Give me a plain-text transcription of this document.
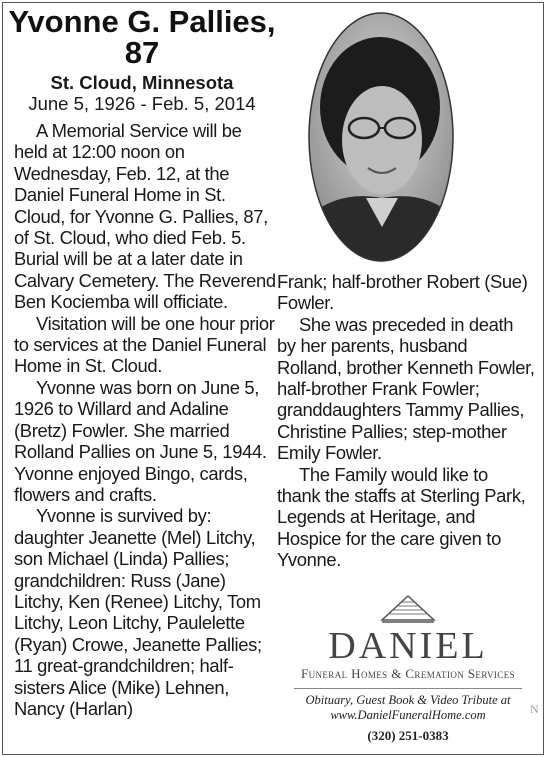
Yvonne G. Pallies,
87
St. Cloud, Minnesota
June 5, 1926 - Feb. 5, 2014

A Memorial Service will be held at 12:00 noon on Wednesday, Feb. 12, at the Daniel Funeral Home in St. Cloud, for Yvonne G. Pallies, 87, of St. Cloud, who died Feb. 5. Burial will be at a later date in Calvary Cemetery. The Reverend Ben Kociemba will officiate.

Visitation will be one hour prior to services at the Daniel Funeral Home in St. Cloud.

Yvonne was born on June 5, 1926 to Willard and Adaline (Bretz) Fowler. She married Rolland Pallies on June 5, 1944. Yvonne enjoyed Bingo, cards, flowers and crafts.

Yvonne is survived by: daughter Jeanette (Mel) Litchy, son Michael (Linda) Pallies; grandchildren: Russ (Jane) Litchy, Ken (Renee) Litchy, Tom Litchy, Leon Litchy, Paulelette (Ryan) Crowe, Jeanette Pallies; 11 great-grandchildren; half-sisters Alice (Mike) Lehnen, Nancy (Harlan)

Frank; half-brother Robert (Sue) Fowler.

She was preceded in death by her parents, husband Rolland, brother Kenneth Fowler, half-brother Frank Fowler; granddaughters Tammy Pallies, Christine Pallies; step-mother Emily Fowler.

The Family would like to thank the staffs at Sterling Park, Legends at Heritage, and Hospice for the care given to Yvonne.

DANIEL
Funeral Homes & Cremation Services
Obituary, Guest Book & Video Tribute at
www.DanielFuneralHome.com
(320) 251-0383
N
